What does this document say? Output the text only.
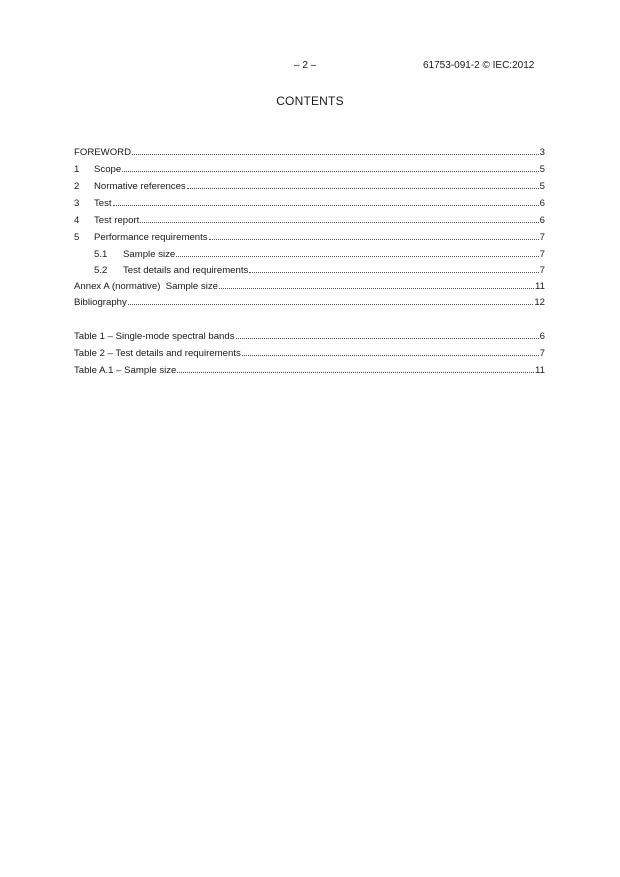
– 2 –	61753-091-2 © IEC:2012
CONTENTS
FOREWORD	3
1	Scope	5
2	Normative references	5
3	Test	6
4	Test report	6
5	Performance requirements	7
5.1	Sample size	7
5.2	Test details and requirements	7
Annex A (normative)  Sample size	11
Bibliography	12
Table 1 – Single-mode spectral bands	6
Table 2 – Test details and requirements	7
Table A.1 – Sample size	11
